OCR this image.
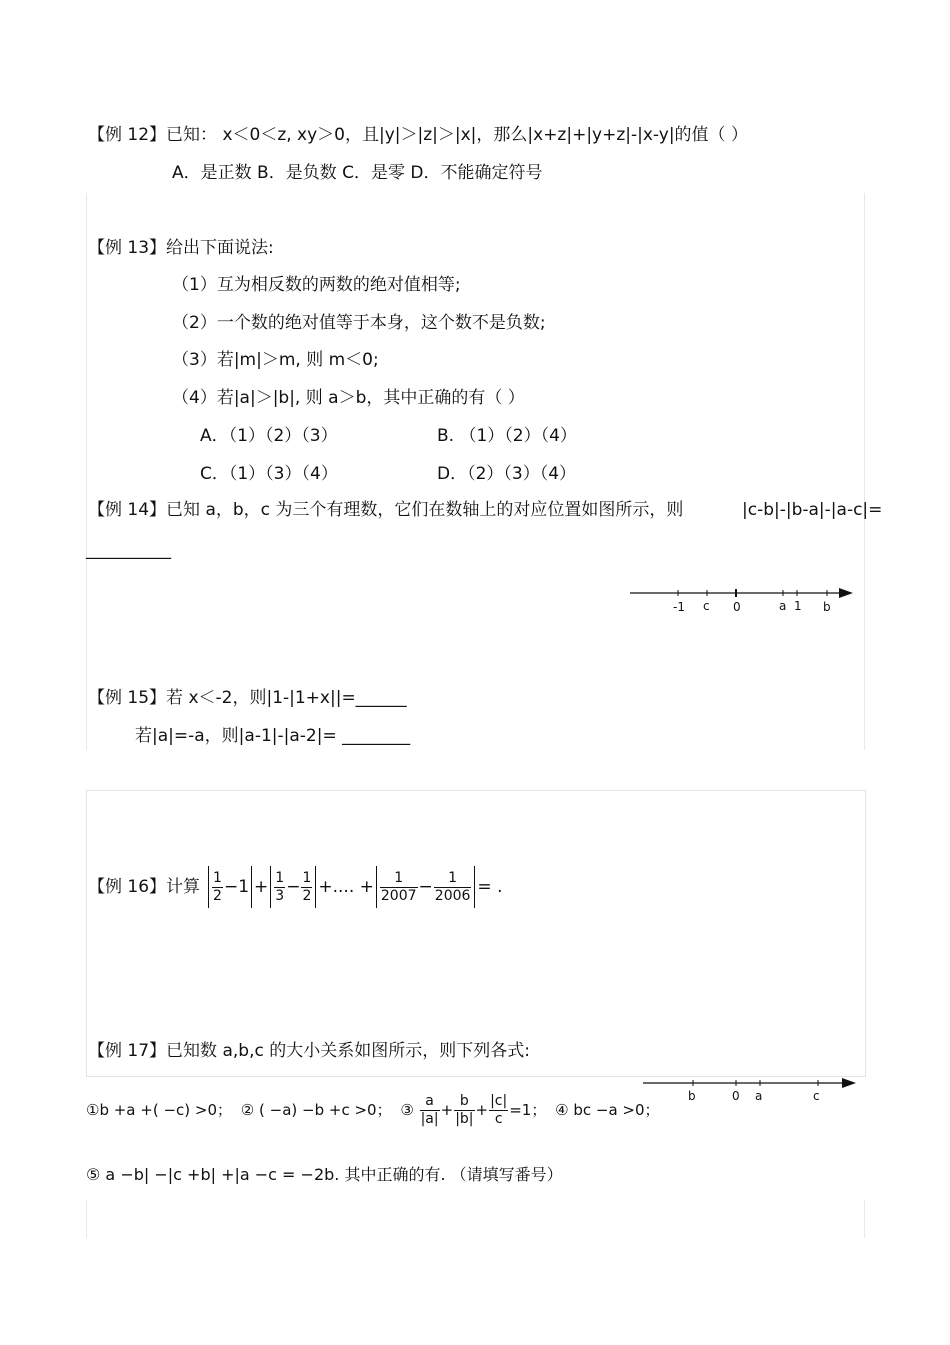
【例 12】已知： x＜0＜z, xy＞0，且|y|＞|z|＞|x|，那么|x+z|+|y+z|-|x-y|的值（ ）
A．是正数 B．是负数 C．是零 D．不能确定符号
【例 13】给出下面说法:
（1）互为相反数的两数的绝对值相等;
（2）一个数的绝对值等于本身，这个数不是负数;
（3）若|m|＞m, 则 m＜0;
（4）若|a|＞|b|, 则 a＞b，其中正确的有（ ）
A．（1）（2）（3）	B. （1）（2）（4）
C．（1）（3）（4）	D．（2）（3）（4）
【例 14】已知 a，b，c 为三个有理数，它们在数轴上的对应位置如图所示，则	|c-b|-|b-a|-|a-c|=
__________
-1 c 0	a 1 b
【例 15】若 x＜-2，则|1-|1+x||=______
若|a|=-a，则|a-1|-|a-2|= ________
【例 16】计算 $\frac{1}{2} -1 + \frac{1}{3} - \frac{1}{2}$ +.... + $\frac{1}{2007} - \frac{1}{2006}$ = .
【例 17】已知数 a,b,c 的大小关系如图所示，则下列各式:
b	0 a	c
①b +a +( −c) >0； ② ( −a) −b +c >0； ③ $\frac{a}{|a|} + \frac{b}{|b|} + \frac{|c|}{c} =1$； ④ bc −a >0；
⑤ a −b| −|c +b| +|a −c = −2b. 其中正确的有. （请填写番号）
